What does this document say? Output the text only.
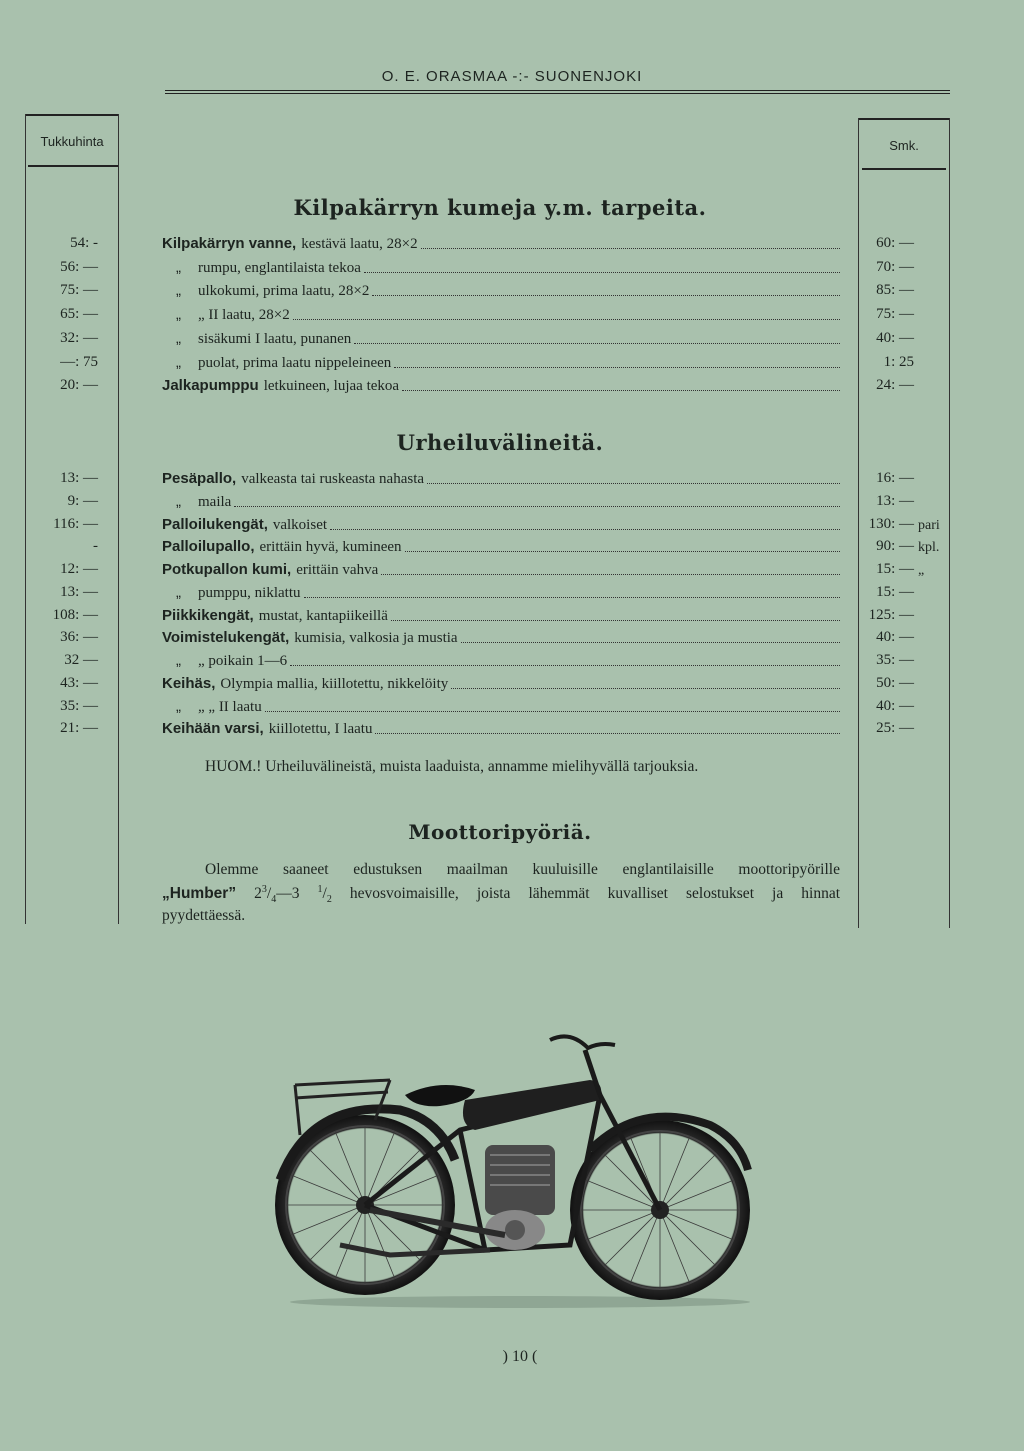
O. E. ORASMAA -:- SUONENJOKI
Tukkuhinta	Smk.
Kilpakärryn kumeja y.m. tarpeita.
54: -	Kilpakärryn vanne, kestävä laatu, 28×2	60: —
56: —	„ rumpu, englantilaista tekoa	70: —
75: —	„ ulkokumi, prima laatu, 28×2	85: —
65: —	„ „ II laatu, 28×2	75: —
32: —	„ sisäkumi I laatu, punanen	40: —
—: 75	„ puolat, prima laatu nippeleineen	1: 25
20: —	Jalkapumppu letkuineen, lujaa tekoa	24: —
Urheiluvälineitä.
13: —	Pesäpallo, valkeasta tai ruskeasta nahasta	16: —
9: —	„ maila	13: —
116: —	Palloilukengät, valkoiset	130: — pari
-	Palloilupallo, erittäin hyvä, kumineen	90: — kpl.
12: —	Potkupallon kumi, erittäin vahva	15: — „
13: —	„ pumppu, niklattu	15: —
108: —	Piikkikengät, mustat, kantapiikeillä	125: —
36: —	Voimistelukengät, kumisia, valkosia ja mustia	40: —
32 —	„ „ poikain 1—6	35: —
43: —	Keihäs, Olympia mallia, kiillotettu, nikkelöity	50: —
35: —	„ „ „ II laatu	40: —
21: —	Keihään varsi, kiillotettu, I laatu	25: —
HUOM.! Urheiluvälineistä, muista laaduista, annamme mielihyvällä tarjouksia.
Moottoripyöriä.
Olemme saaneet edustuksen maailman kuuluisille englantilaisille moottoripyörille
„Humber” $2^3/_4—3$ $^1/_2$ hevosvoimaisille, joista lähemmät kuvalliset selostukset ja hinnat
pyydettäessä.
) 10 (
